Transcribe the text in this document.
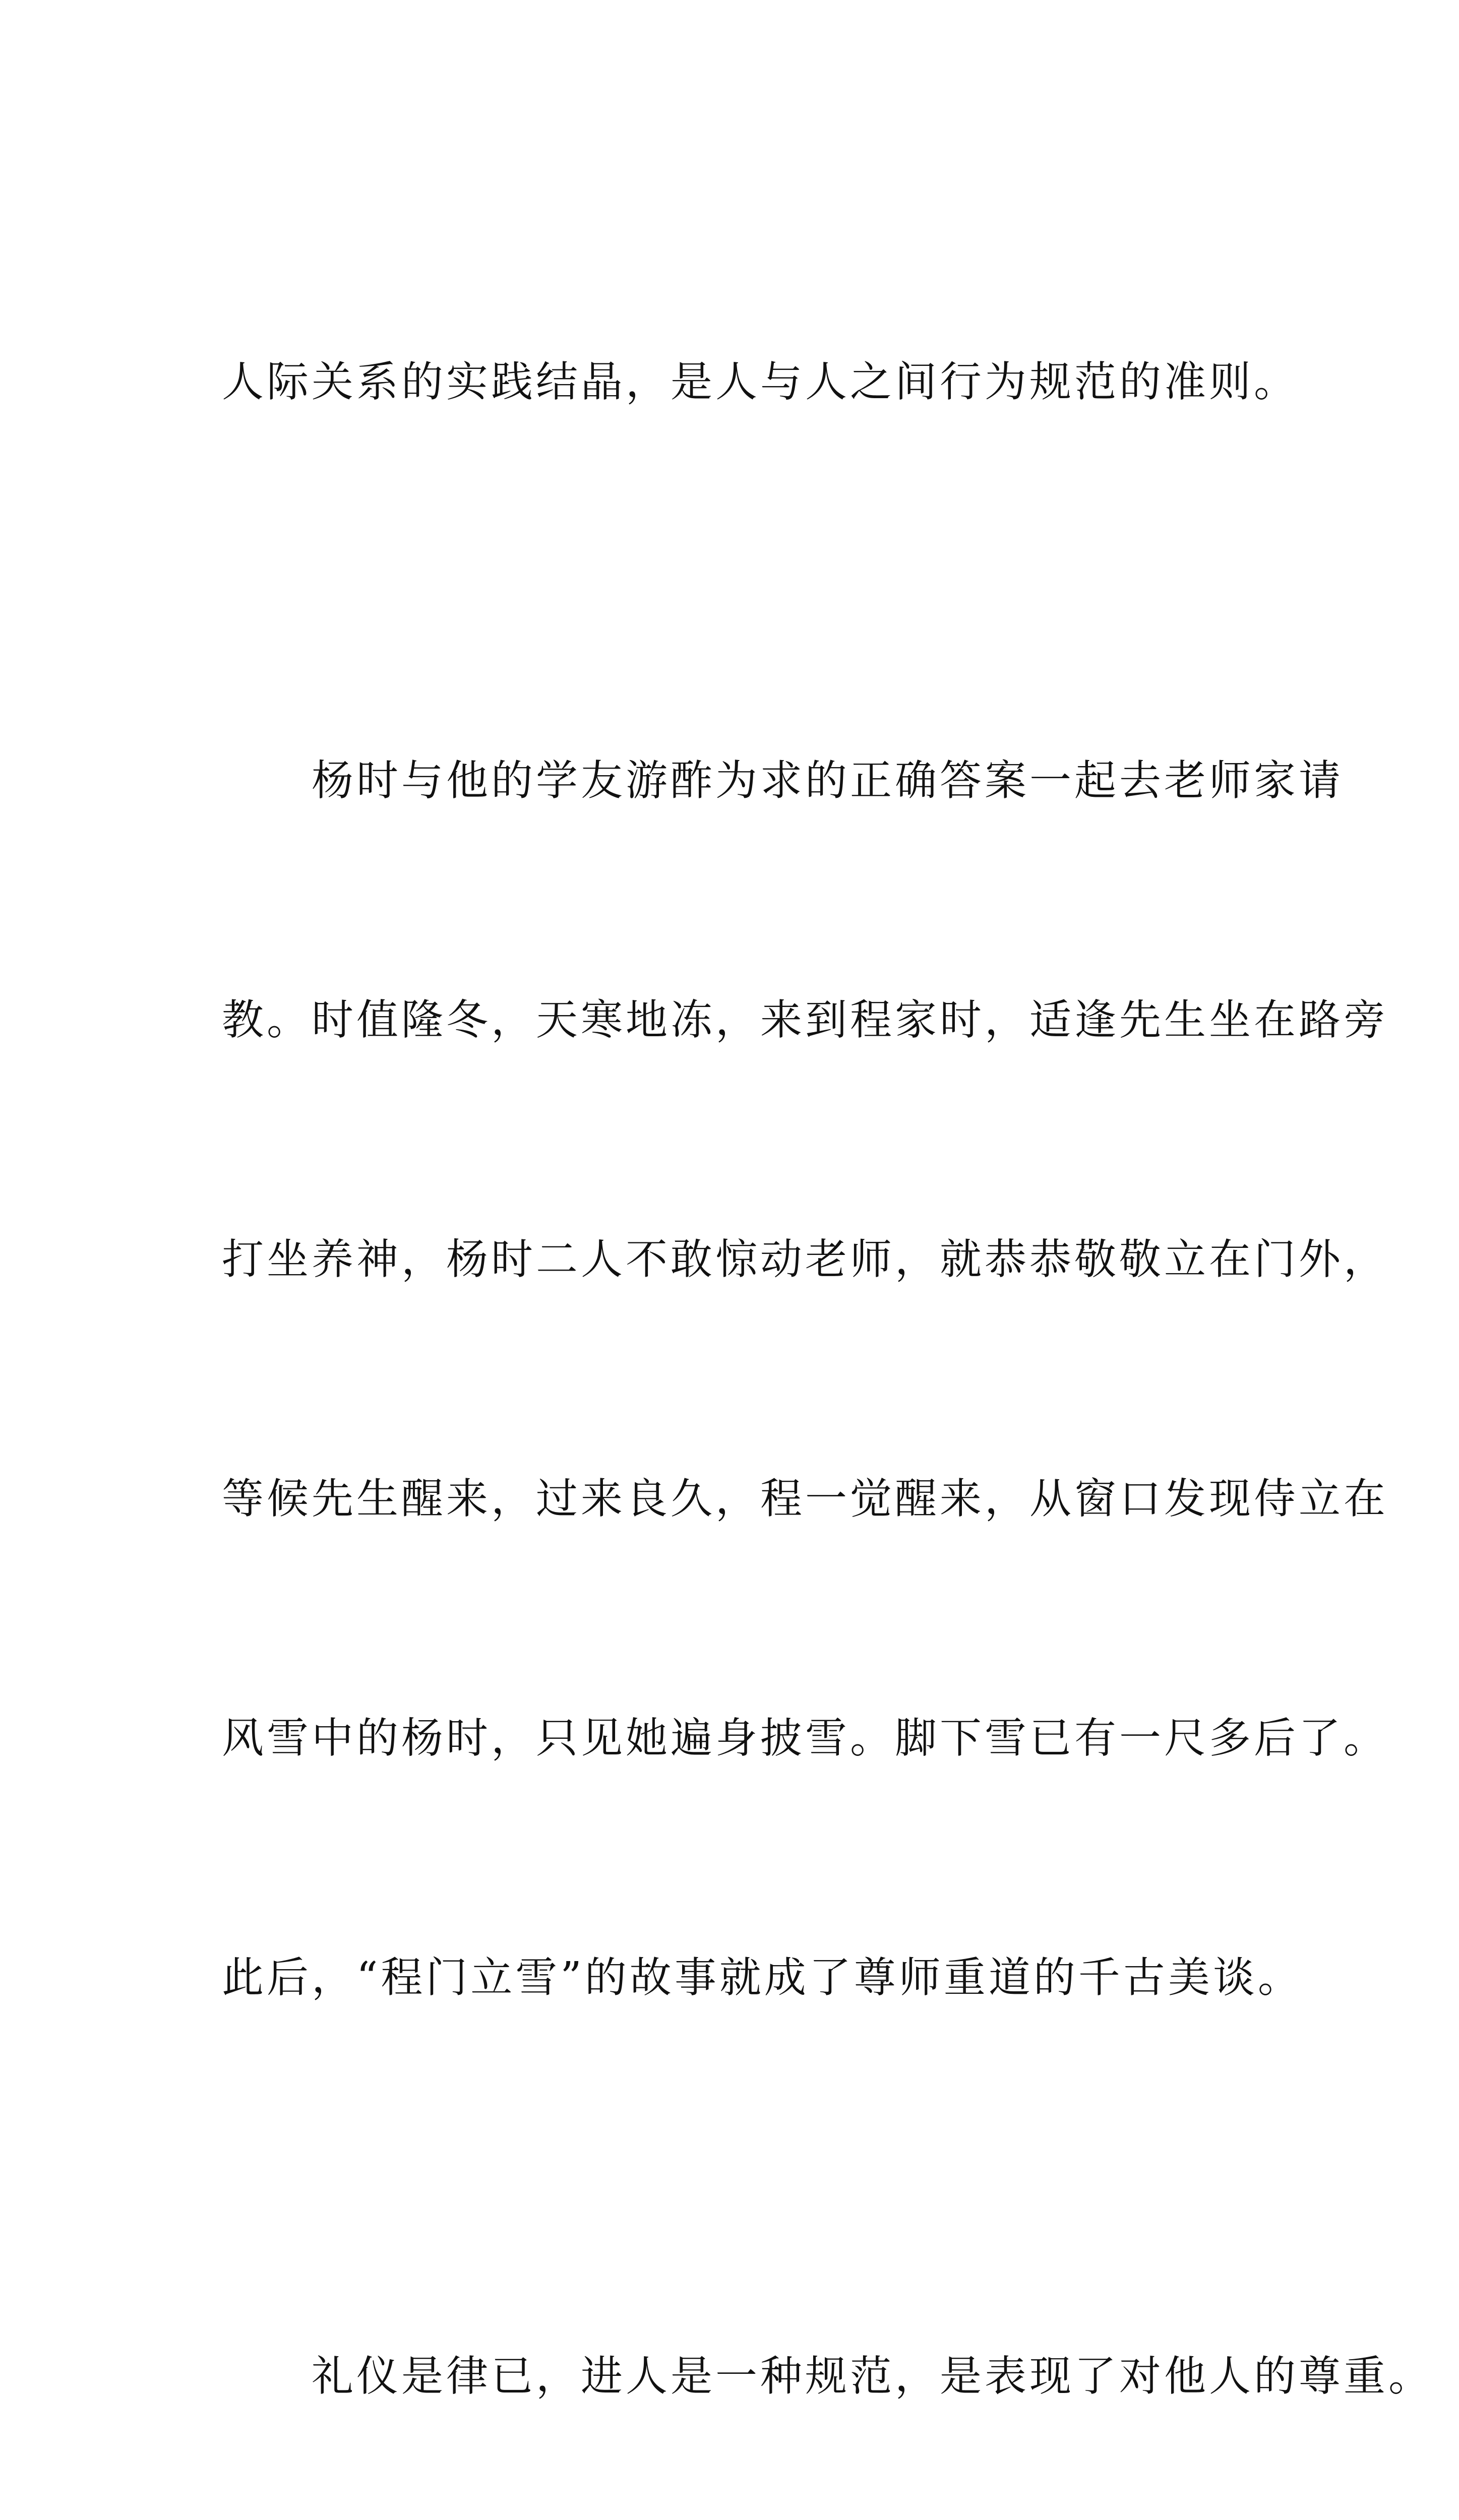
人际关系的实践结晶，是人与人之间行为规范的准则。

　　杨时与他的学友游酢为求的正确答案一起去老师家请

教。时值隆冬，天寒地冻，来到程家时，适逢先生坐在路旁

打坐养神，杨时二人不敢惊动老师，就恭恭敬敬立在门外，

等候先生醒来，过来良久，程一觉醒来，从窗口发现侍立在

风雪中的杨时，只见她遍身披雪。脚下雪已有一尺多后了。

此后，“程门立雪”的故事就成了尊师重道的千古美谈。

　　礼仪是律已，进人是一种规范，是表现了对他人的尊重。
